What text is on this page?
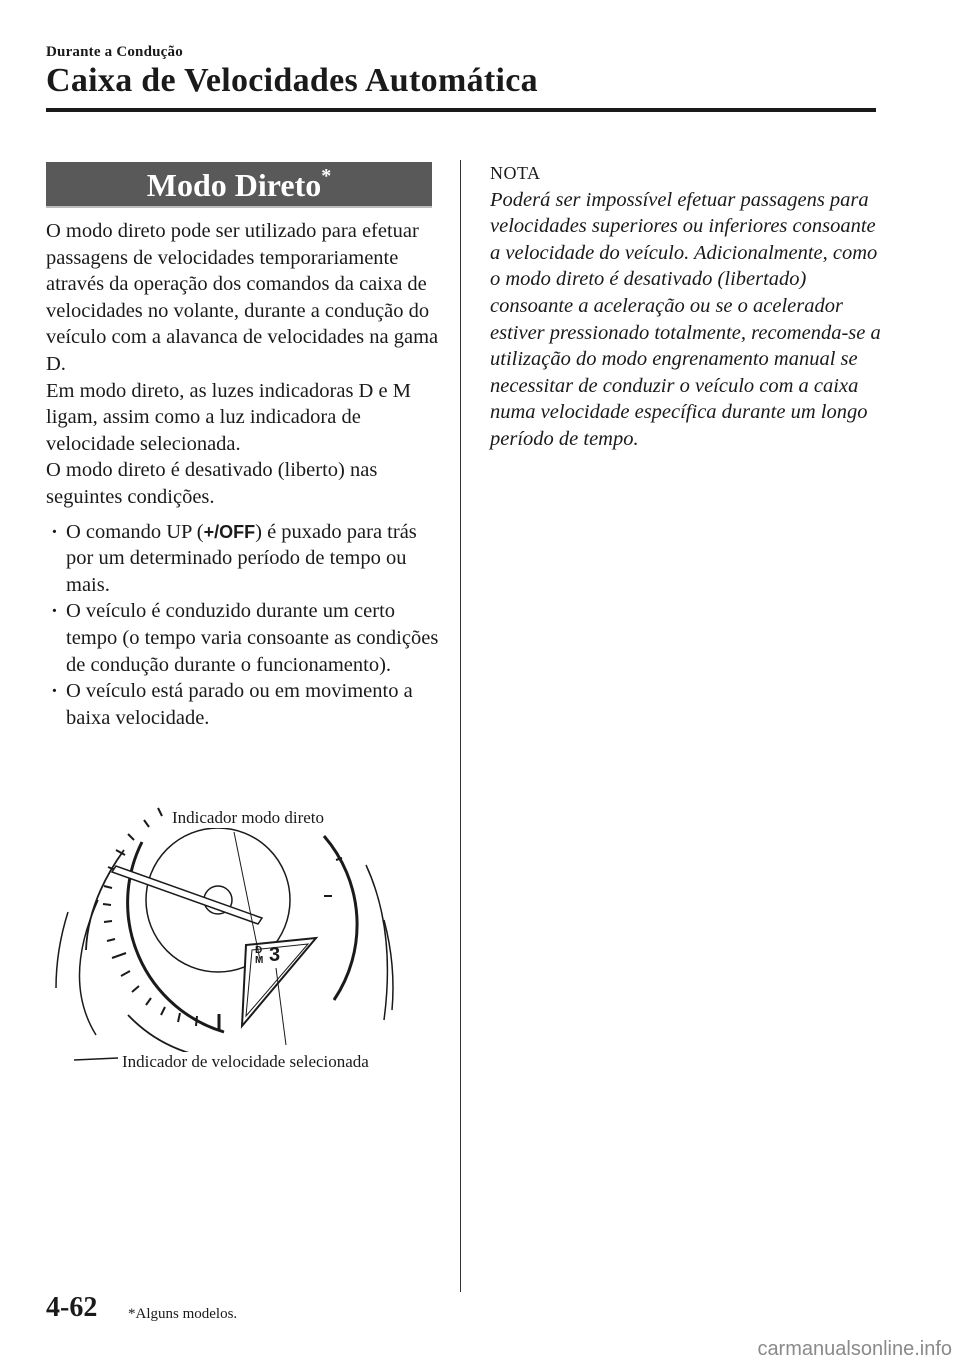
Durante a Condução
Caixa de Velocidades Automática
Modo Direto*

O modo direto pode ser utilizado para efetuar passagens de velocidades temporariamente através da operação dos comandos da caixa de velocidades no volante, durante a condução do veículo com a alavanca de velocidades na gama D.

Em modo direto, as luzes indicadoras D e M ligam, assim como a luz indicadora de velocidade selecionada.

O modo direto é desativado (liberto) nas seguintes condições.

· O comando UP (+/OFF) é puxado para trás por um determinado período de tempo ou mais.
· O veículo é conduzido durante um certo tempo (o tempo varia consoante as condições de condução durante o funcionamento).
· O veículo está parado ou em movimento a baixa velocidade.

NOTA

Poderá ser impossível efetuar passagens para velocidades superiores ou inferiores consoante a velocidade do veículo. Adicionalmente, como o modo direto é desativado (libertado) consoante a aceleração ou se o acelerador estiver pressionado totalmente, recomenda-se a utilização do modo engrenamento manual se necessitar de conduzir o veículo com a caixa numa velocidade específica durante um longo período de tempo.

D
M 3
Indicador modo direto
Indicador de velocidade selecionada
4-62 *Alguns modelos.
carmanualsonline.info
